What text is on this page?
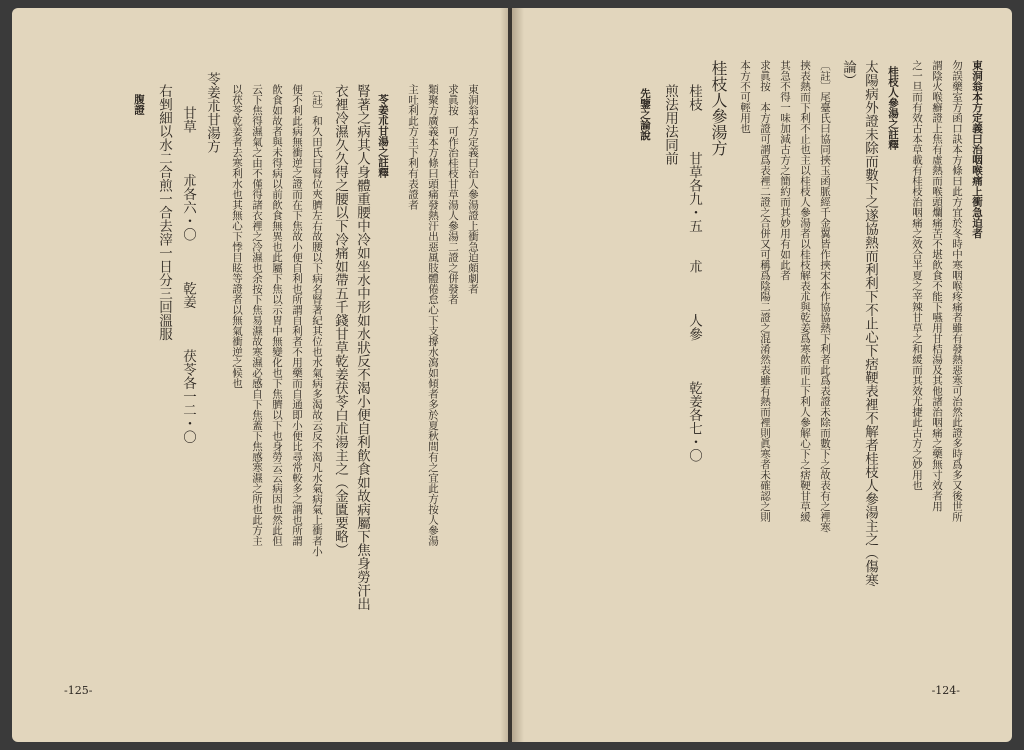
東洞翁本方定義曰治人參湯證上衝急迫頗劇者
求眞按　可作治桂枝甘草湯人參湯二證之併發者
類聚方廣義本方條曰頭痛發熱汗出惡風肢體倦怠心下支撐水瀉如傾者多於夏秋間有之宜此方按人參湯
主吐利此方主下利有表證者
苓姜朮甘湯之註釋
腎著之病其人身體重腰中冷如坐水中形如水狀反不渴小便自利飮食如故病屬下焦身勞汗出
衣裡冷濕久久得之腰以下冷痛如帶五千錢甘草乾姜茯苓白朮湯主之（金匱要略）
〔註〕和久田氏曰腎位夾臍左右故腰以下病名腎著紀其位也水氣病多渴故云反不渴凡水氣病氣上衝者小
便不利此病無衝逆之證而在下焦故小便自利也所謂自利者不用藥而自通即小便比尋常較多之謂也所謂
飮食如故者與未得病以前飮食無異也此屬下焦以示胃中無變化也下焦臍以下也身勞云云病因也然此但
云下焦得濕氣之由不僅得諸衣裡之冷濕也余按下焦易濕故寒濕必感自下焦蓋下焦感寒濕之所也此方主
以茯苓乾姜者去寒利水也其無心下悸目眩等證者以無氣衝逆之候也
苓姜朮甘湯方
甘草　　　朮各六・〇　　　乾姜　　　茯苓各一二・〇
右剉細以水二合煎一合去滓一日分三回溫服
腹證
-125-
東洞翁本方定義曰治咽喉痛上衝急迫者
勿誤藥室方函口訣本方條曰此方宜於冬時中寒咽喉疼痛者雖有發熱惡寒可治然此證多時爲多又後世所
謂陰火喉癬證上焦有虛熱而喉頭爛痛苦不堪飮食不能下嚥用甘桔湯及其他諸治咽痛之藥無寸效者用
之一旦而有效古本草載有桂枝治咽痛之效合半夏之辛辣甘草之和緩而其效尤捷此古方之妙用也
桂枝人參湯之註釋
太陽病外證未除而數下之遂協熱而利利下不止心下痞鞕表裡不解者桂枝人參湯主之（傷寒
論）
〔註〕尾臺氏曰協同挾玉函脈經千金翼皆作挾宋本作協協熱下利者此爲表證未除而數下之故表有之裡寒
挾表熱而下利不止也主以桂枝人參湯者以桂枝解表朮與乾姜爲寒飮而止下利人參解心下之痞鞕甘草緩
其急不得一味加減古方之簡約而其妙用有如此者
求眞按　本方證可謂爲表裡二證之合併又可稱爲陰陽二證之混淆然表雖有熱而裡則眞寒者未確認之則
本方不可輕用也
桂枝人參湯方
桂枝　　　甘草各九・五　　朮　　　人參　　　乾姜各七・〇
煎法用法同前
先鑒之論說
-124-
